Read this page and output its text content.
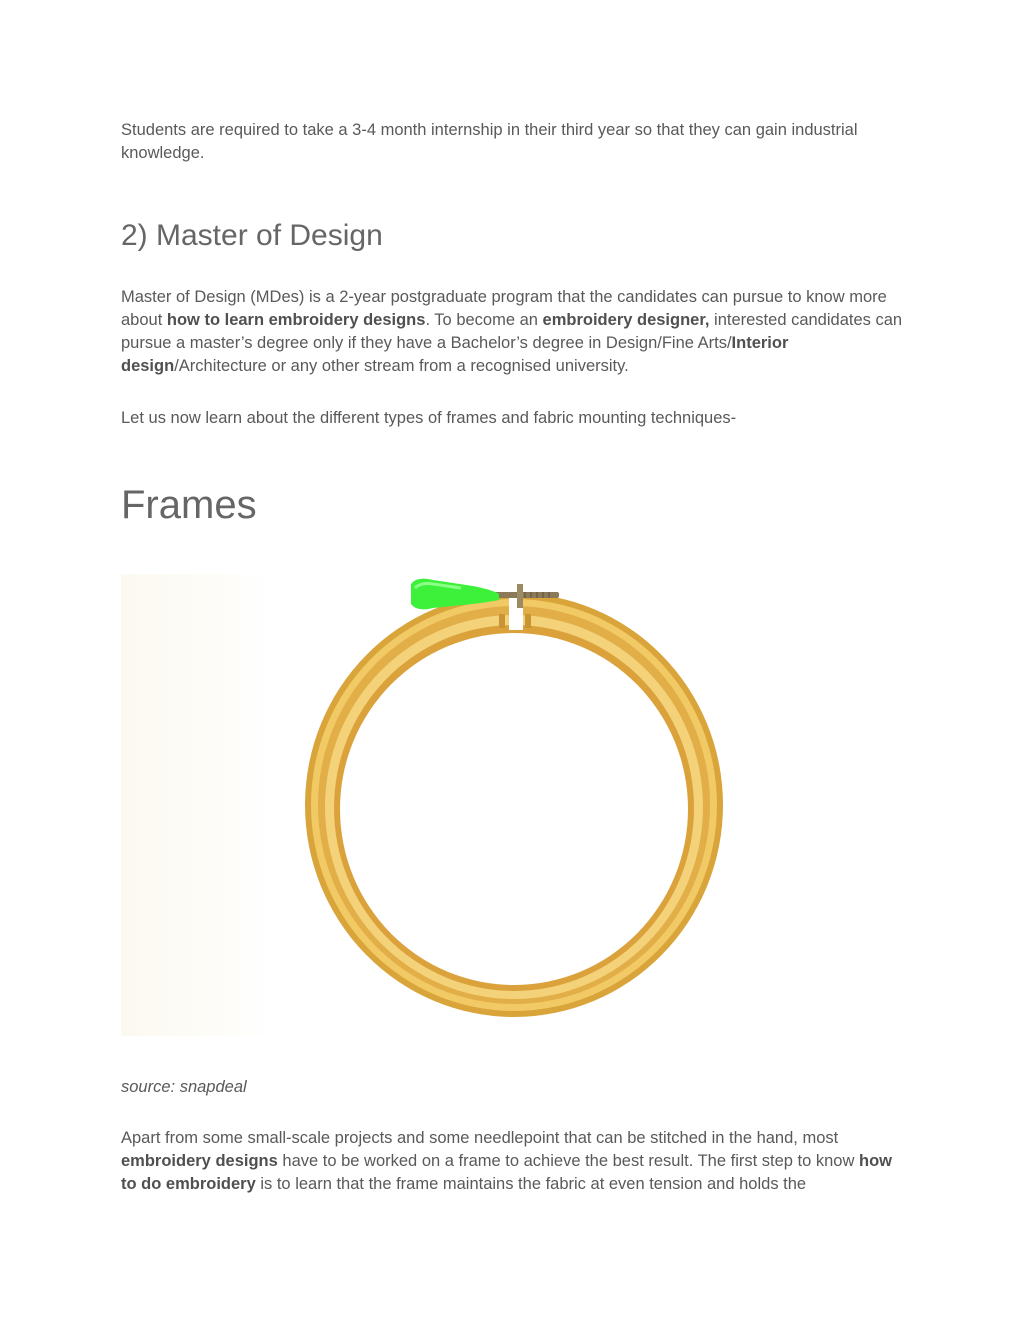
Students are required to take a 3-4 month internship in their third year so that they can gain industrial knowledge.

2) Master of Design

Master of Design (MDes) is a 2-year postgraduate program that the candidates can pursue to know more about how to learn embroidery designs. To become an embroidery designer, interested candidates can pursue a master’s degree only if they have a Bachelor’s degree in Design/Fine Arts/Interior design/Architecture or any other stream from a recognised university.

Let us now learn about the different types of frames and fabric mounting techniques-

Frames

source: snapdeal

Apart from some small-scale projects and some needlepoint that can be stitched in the hand, most embroidery designs have to be worked on a frame to achieve the best result. The first step to know how to do embroidery is to learn that the frame maintains the fabric at even tension and holds the
